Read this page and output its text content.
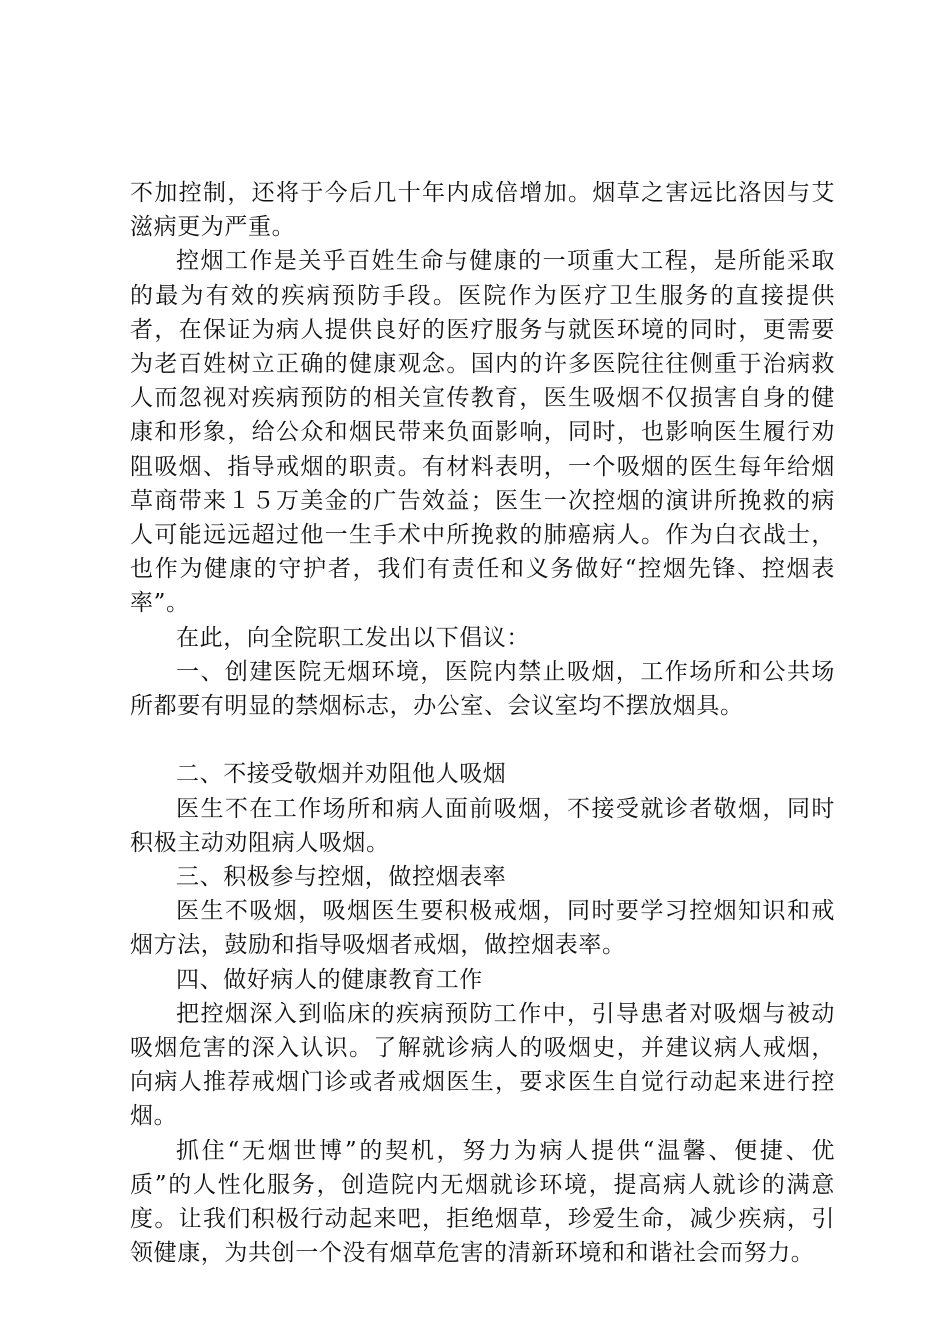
不加控制，还将于今后几十年内成倍增加。烟草之害远比洛因与艾滋病更为严重。

控烟工作是关乎百姓生命与健康的一项重大工程，是所能采取的最为有效的疾病预防手段。医院作为医疗卫生服务的直接提供者，在保证为病人提供良好的医疗服务与就医环境的同时，更需要为老百姓树立正确的健康观念。国内的许多医院往往侧重于治病救人而忽视对疾病预防的相关宣传教育，医生吸烟不仅损害自身的健康和形象，给公众和烟民带来负面影响，同时，也影响医生履行劝阻吸烟、指导戒烟的职责。有材料表明，一个吸烟的医生每年给烟草商带来１５万美金的广告效益；医生一次控烟的演讲所挽救的病人可能远远超过他一生手术中所挽救的肺癌病人。作为白衣战士，也作为健康的守护者，我们有责任和义务做好“控烟先锋、控烟表率”。

在此，向全院职工发出以下倡议：

一、创建医院无烟环境，医院内禁止吸烟，工作场所和公共场所都要有明显的禁烟标志，办公室、会议室均不摆放烟具。

二、不接受敬烟并劝阻他人吸烟

医生不在工作场所和病人面前吸烟，不接受就诊者敬烟，同时积极主动劝阻病人吸烟。

三、积极参与控烟，做控烟表率

医生不吸烟，吸烟医生要积极戒烟，同时要学习控烟知识和戒烟方法，鼓励和指导吸烟者戒烟，做控烟表率。

四、做好病人的健康教育工作

把控烟深入到临床的疾病预防工作中，引导患者对吸烟与被动吸烟危害的深入认识。了解就诊病人的吸烟史，并建议病人戒烟，向病人推荐戒烟门诊或者戒烟医生，要求医生自觉行动起来进行控烟。

抓住“无烟世博”的契机，努力为病人提供“温馨、便捷、优质”的人性化服务，创造院内无烟就诊环境，提高病人就诊的满意度。让我们积极行动起来吧，拒绝烟草，珍爱生命，减少疾病，引领健康，为共创一个没有烟草危害的清新环境和和谐社会而努力。
